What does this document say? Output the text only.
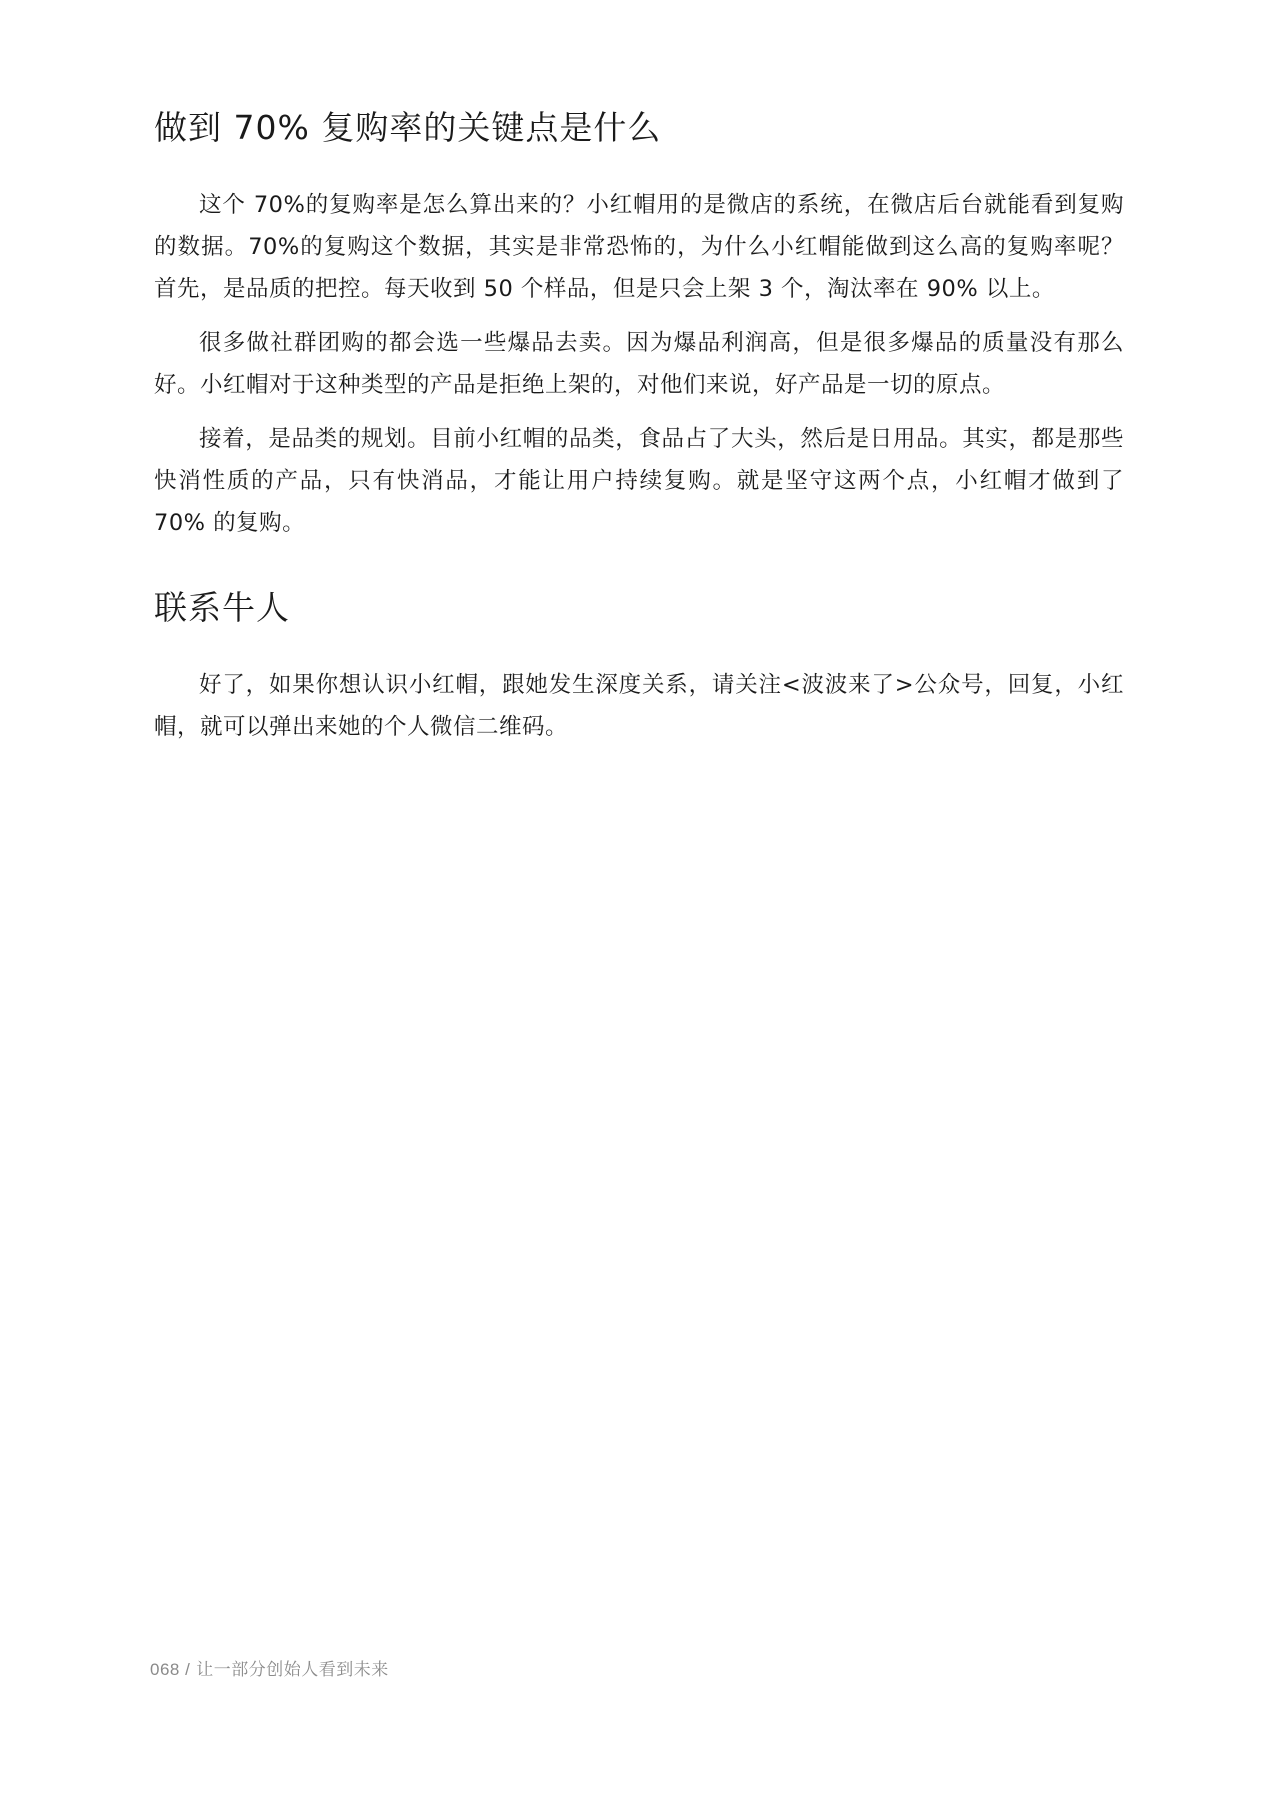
做到 70% 复购率的关键点是什么

这个 70%的复购率是怎么算出来的？小红帽用的是微店的系统，在微店后台就能看到复购的数据。70%的复购这个数据，其实是非常恐怖的，为什么小红帽能做到这么高的复购率呢？首先，是品质的把控。每天收到 50 个样品，但是只会上架 3 个，淘汰率在 90% 以上。

很多做社群团购的都会选一些爆品去卖。因为爆品利润高，但是很多爆品的质量没有那么好。小红帽对于这种类型的产品是拒绝上架的，对他们来说，好产品是一切的原点。

接着，是品类的规划。目前小红帽的品类，食品占了大头，然后是日用品。其实，都是那些快消性质的产品，只有快消品，才能让用户持续复购。就是坚守这两个点，小红帽才做到了 70% 的复购。

联系牛人

好了，如果你想认识小红帽，跟她发生深度关系，请关注<波波来了>公众号，回复，小红帽，就可以弹出来她的个人微信二维码。

068 / 让一部分创始人看到未来
